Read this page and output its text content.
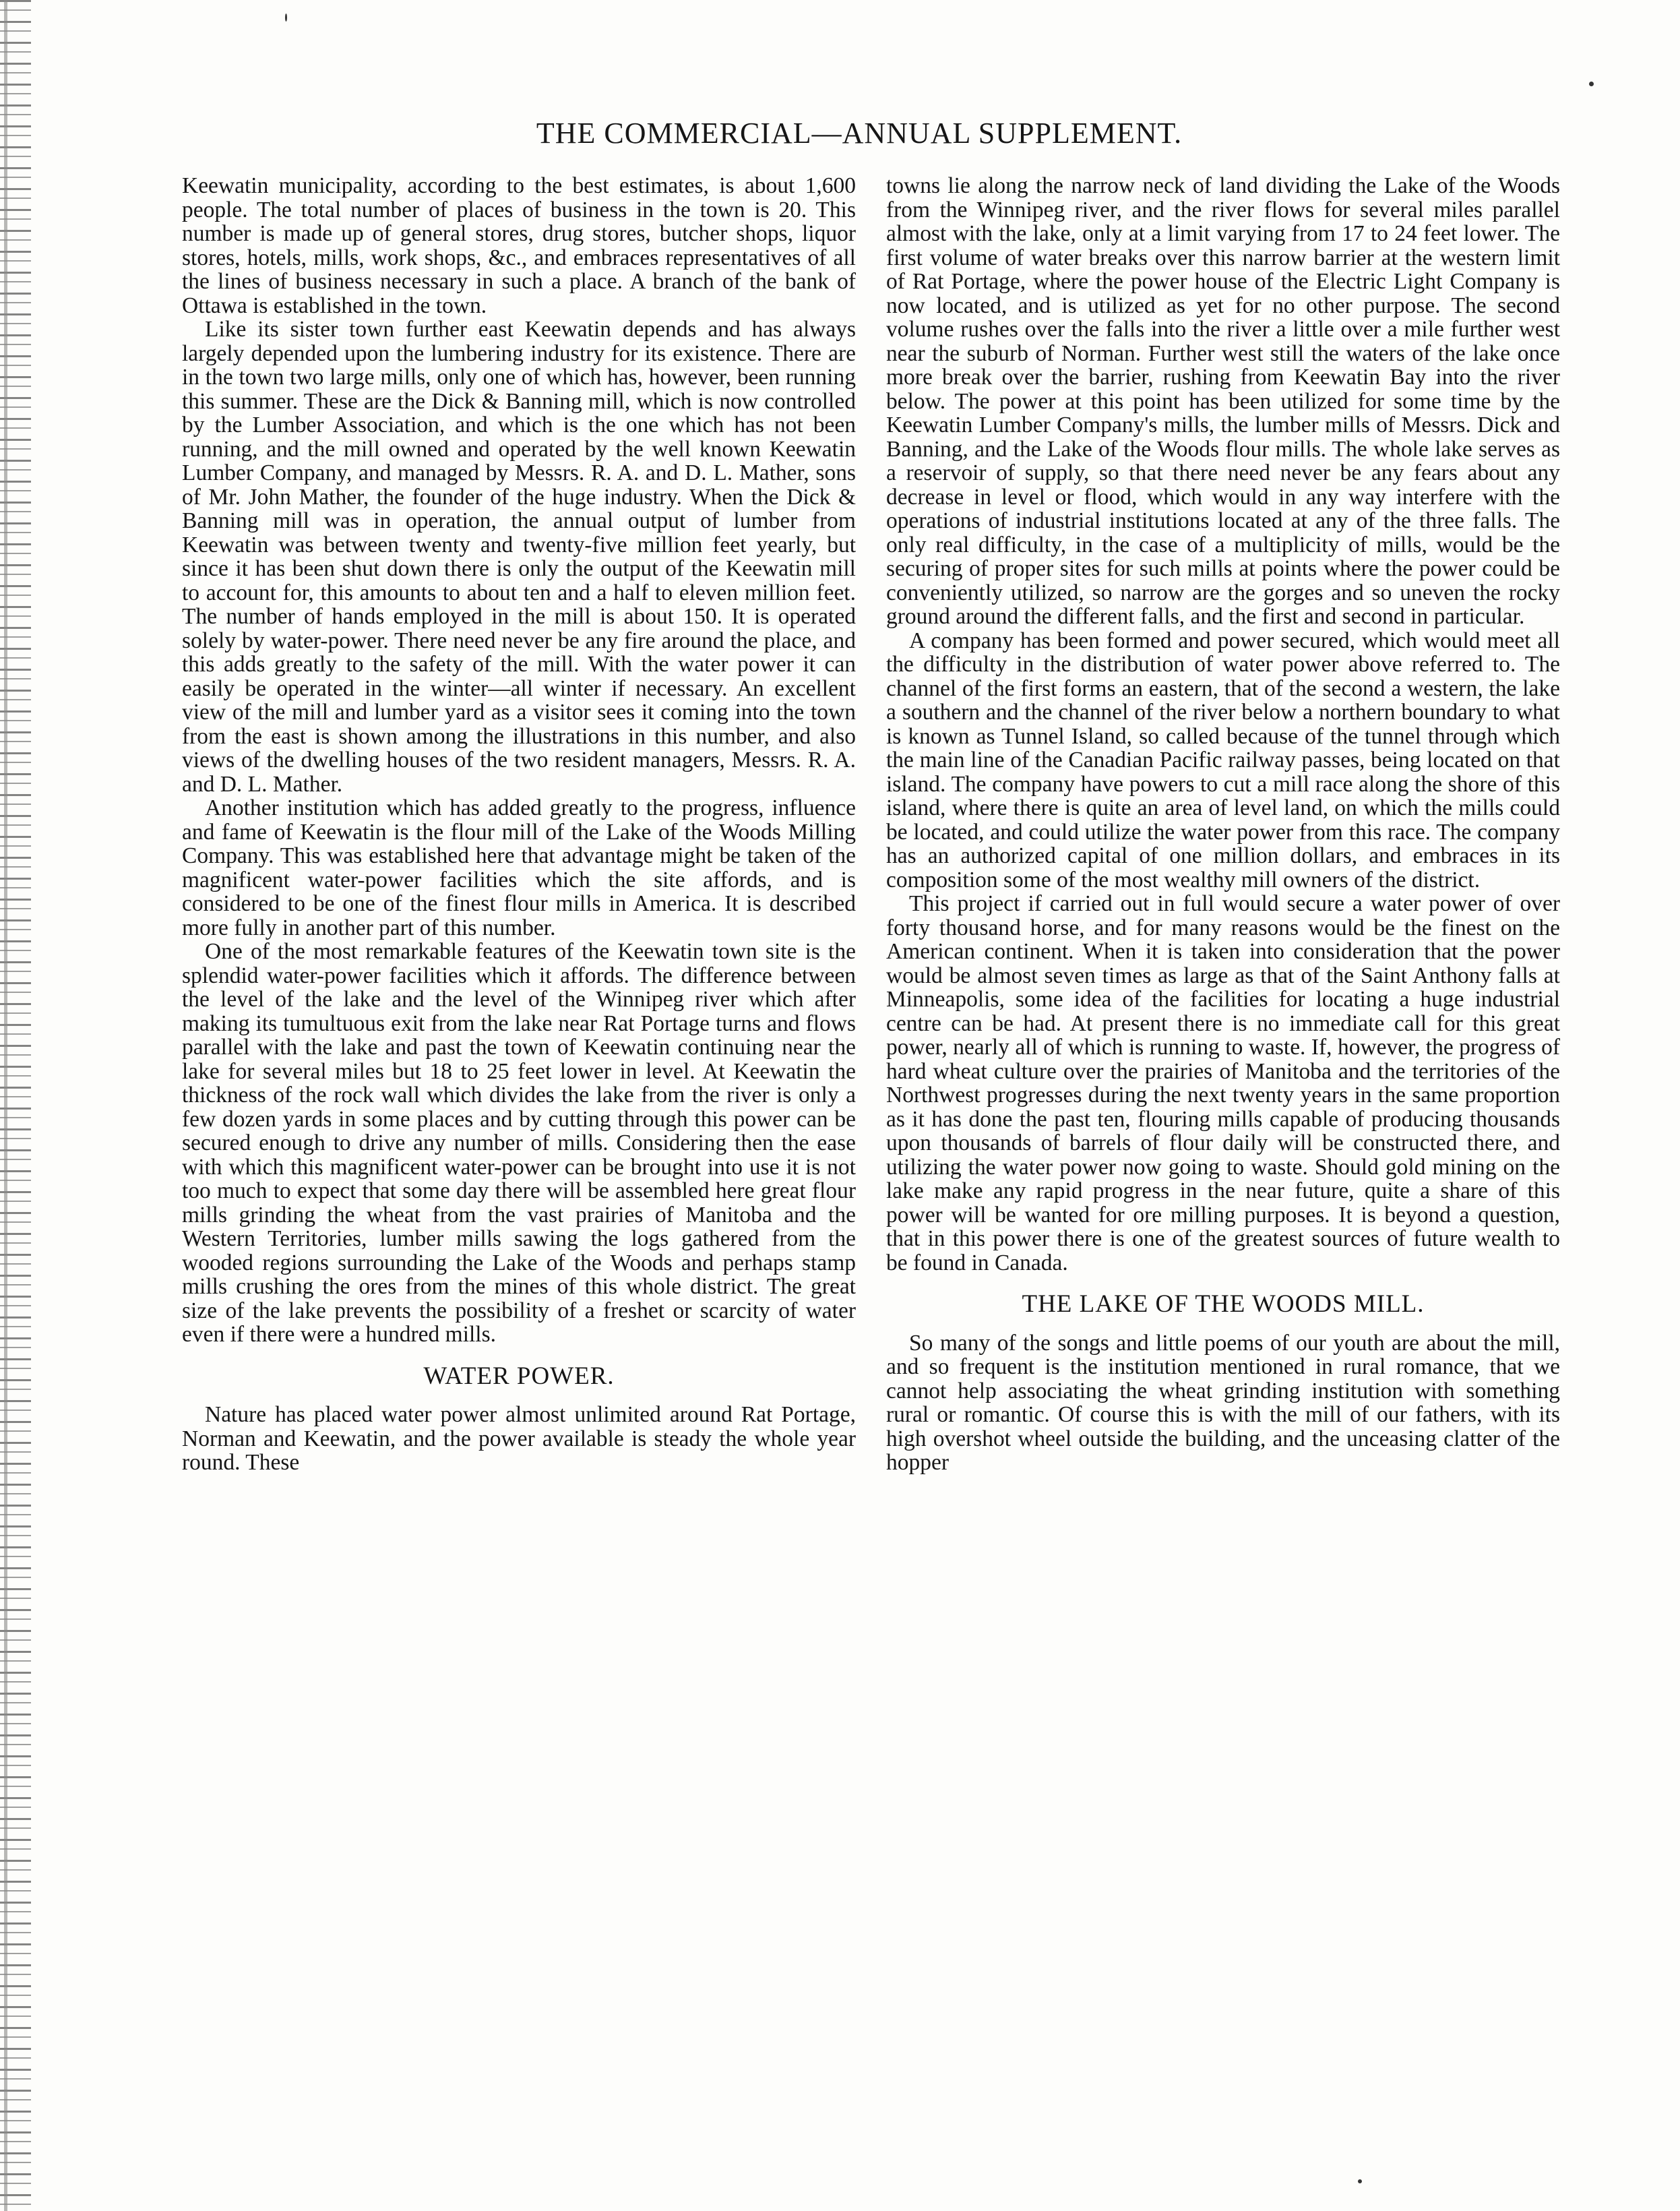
THE COMMERCIAL—ANNUAL SUPPLEMENT.

Keewatin municipality, according to the best estimates, is about 1,600 people. The total number of places of business in the town is 20. This number is made up of general stores, drug stores, butcher shops, liquor stores, hotels, mills, work shops, &c., and embraces representatives of all the lines of business necessary in such a place. A branch of the bank of Ottawa is established in the town.

Like its sister town further east Keewatin depends and has always largely depended upon the lumbering industry for its existence. There are in the town two large mills, only one of which has, however, been running this summer. These are the Dick & Banning mill, which is now controlled by the Lumber Association, and which is the one which has not been running, and the mill owned and operated by the well known Keewatin Lumber Company, and managed by Messrs. R. A. and D. L. Mather, sons of Mr. John Mather, the founder of the huge industry. When the Dick & Banning mill was in operation, the annual output of lumber from Keewatin was between twenty and twenty-five million feet yearly, but since it has been shut down there is only the output of the Keewatin mill to account for, this amounts to about ten and a half to eleven million feet. The number of hands employed in the mill is about 150. It is operated solely by water-power. There need never be any fire around the place, and this adds greatly to the safety of the mill. With the water power it can easily be operated in the winter—all winter if necessary. An excellent view of the mill and lumber yard as a visitor sees it coming into the town from the east is shown among the illustrations in this number, and also views of the dwelling houses of the two resident managers, Messrs. R. A. and D. L. Mather.

Another institution which has added greatly to the progress, influence and fame of Keewatin is the flour mill of the Lake of the Woods Milling Company. This was established here that advantage might be taken of the magnificent water-power facilities which the site affords, and is considered to be one of the finest flour mills in America. It is described more fully in another part of this number.

One of the most remarkable features of the Keewatin town site is the splendid water-power facilities which it affords. The difference between the level of the lake and the level of the Winnipeg river which after making its tumultuous exit from the lake near Rat Portage turns and flows parallel with the lake and past the town of Keewatin continuing near the lake for several miles but 18 to 25 feet lower in level. At Keewatin the thickness of the rock wall which divides the lake from the river is only a few dozen yards in some places and by cutting through this power can be secured enough to drive any number of mills. Considering then the ease with which this magnificent water-power can be brought into use it is not too much to expect that some day there will be assembled here great flour mills grinding the wheat from the vast prairies of Manitoba and the Western Territories, lumber mills sawing the logs gathered from the wooded regions surrounding the Lake of the Woods and perhaps stamp mills crushing the ores from the mines of this whole district. The great size of the lake prevents the possibility of a freshet or scarcity of water even if there were a hundred mills.

WATER POWER.

Nature has placed water power almost unlimited around Rat Portage, Norman and Keewatin, and the power available is steady the whole year round. These

towns lie along the narrow neck of land dividing the Lake of the Woods from the Winnipeg river, and the river flows for several miles parallel almost with the lake, only at a limit varying from 17 to 24 feet lower. The first volume of water breaks over this narrow barrier at the western limit of Rat Portage, where the power house of the Electric Light Company is now located, and is utilized as yet for no other purpose. The second volume rushes over the falls into the river a little over a mile further west near the suburb of Norman. Further west still the waters of the lake once more break over the barrier, rushing from Keewatin Bay into the river below. The power at this point has been utilized for some time by the Keewatin Lumber Company's mills, the lumber mills of Messrs. Dick and Banning, and the Lake of the Woods flour mills. The whole lake serves as a reservoir of supply, so that there need never be any fears about any decrease in level or flood, which would in any way interfere with the operations of industrial institutions located at any of the three falls. The only real difficulty, in the case of a multiplicity of mills, would be the securing of proper sites for such mills at points where the power could be conveniently utilized, so narrow are the gorges and so uneven the rocky ground around the different falls, and the first and second in particular.

A company has been formed and power secured, which would meet all the difficulty in the distribution of water power above referred to. The channel of the first forms an eastern, that of the second a western, the lake a southern and the channel of the river below a northern boundary to what is known as Tunnel Island, so called because of the tunnel through which the main line of the Canadian Pacific railway passes, being located on that island. The company have powers to cut a mill race along the shore of this island, where there is quite an area of level land, on which the mills could be located, and could utilize the water power from this race. The company has an authorized capital of one million dollars, and embraces in its composition some of the most wealthy mill owners of the district.

This project if carried out in full would secure a water power of over forty thousand horse, and for many reasons would be the finest on the American continent. When it is taken into consideration that the power would be almost seven times as large as that of the Saint Anthony falls at Minneapolis, some idea of the facilities for locating a huge industrial centre can be had. At present there is no immediate call for this great power, nearly all of which is running to waste. If, however, the progress of hard wheat culture over the prairies of Manitoba and the territories of the Northwest progresses during the next twenty years in the same proportion as it has done the past ten, flouring mills capable of producing thousands upon thousands of barrels of flour daily will be constructed there, and utilizing the water power now going to waste. Should gold mining on the lake make any rapid progress in the near future, quite a share of this power will be wanted for ore milling purposes. It is beyond a question, that in this power there is one of the greatest sources of future wealth to be found in Canada.

THE LAKE OF THE WOODS MILL.

So many of the songs and little poems of our youth are about the mill, and so frequent is the institution mentioned in rural romance, that we cannot help associating the wheat grinding institution with something rural or romantic. Of course this is with the mill of our fathers, with its high overshot wheel outside the building, and the unceasing clatter of the hopper
